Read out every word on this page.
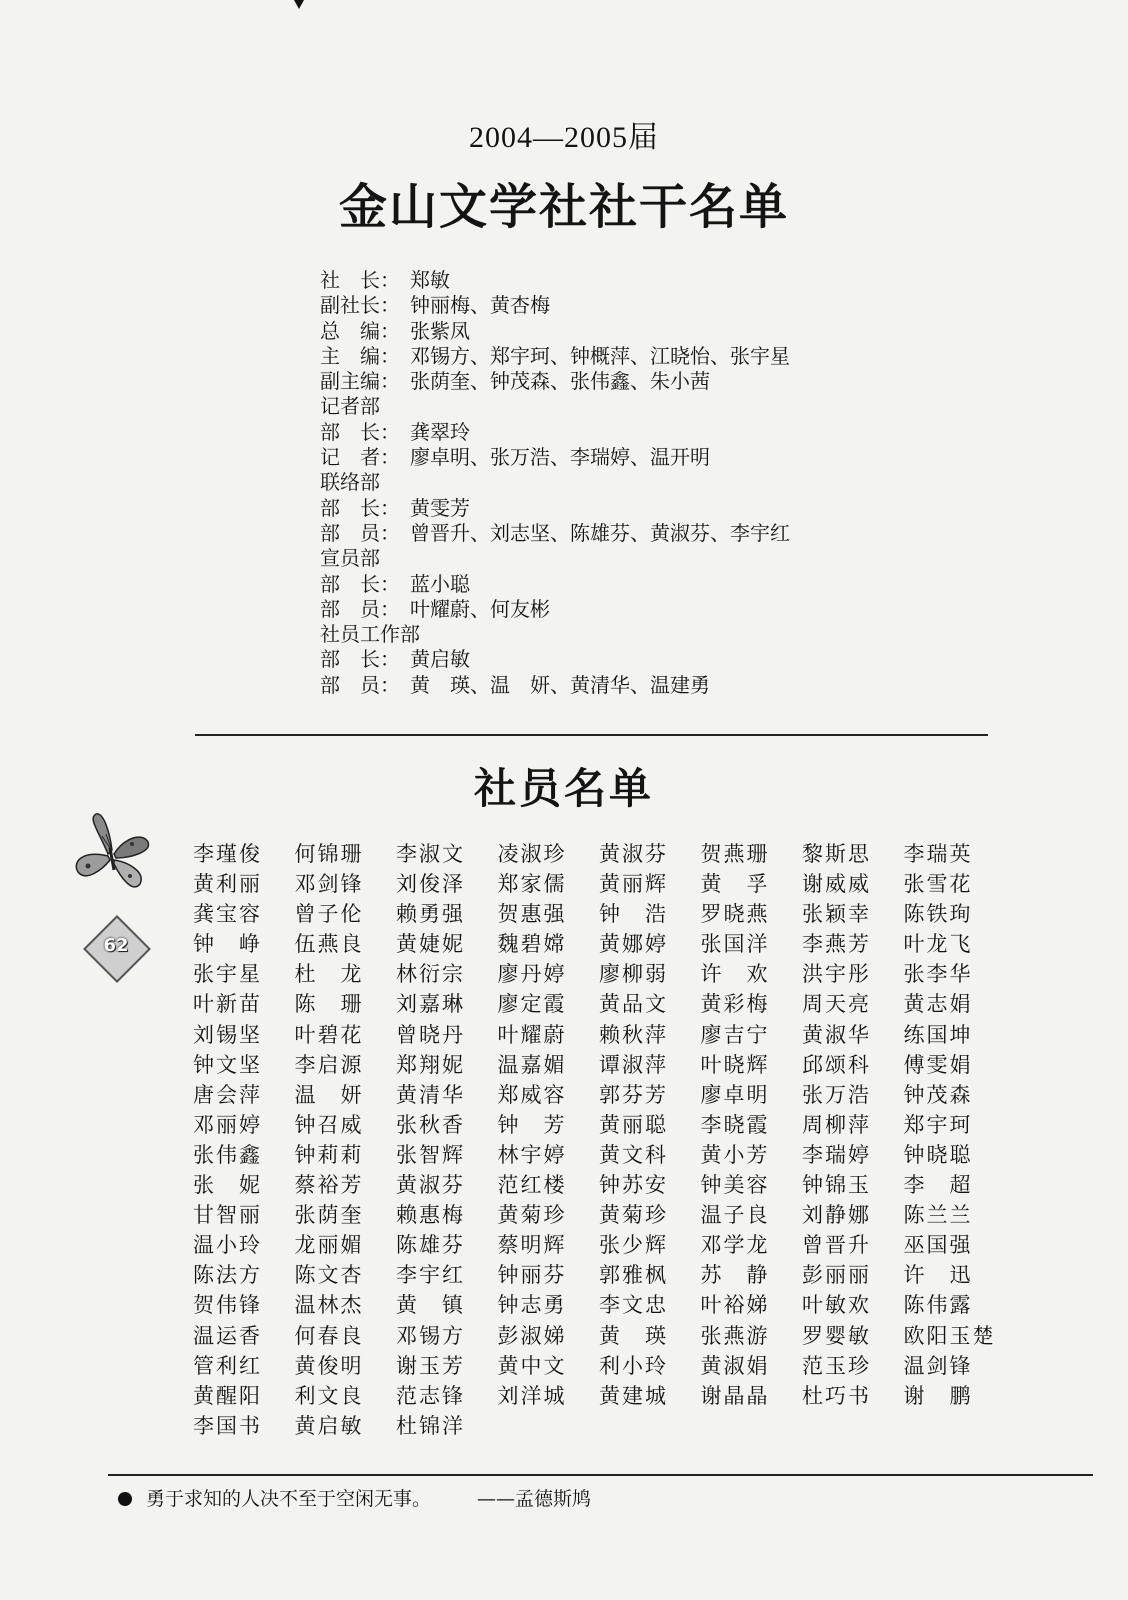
2004—2005届
金山文学社社干名单
社　长： 郑敏
副社长： 钟丽梅、黄杏梅
总　编： 张紫凤
主　编： 邓锡方、郑宇珂、钟概萍、江晓怡、张宇星
副主编： 张荫奎、钟茂森、张伟鑫、朱小茜
记者部
部　长： 龚翠玲
记　者： 廖卓明、张万浩、李瑞婷、温开明
联络部
部　长： 黄雯芳
部　员： 曾晋升、刘志坚、陈雄芬、黄淑芬、李宇红
宣员部
部　长： 蓝小聪
部　员： 叶耀蔚、何友彬
社员工作部
部　长： 黄启敏
部　员： 黄　瑛、温　妍、黄清华、温建勇
社员名单
62
李瑾俊	何锦珊	李淑文	凌淑珍	黄淑芬	贺燕珊	黎斯思	李瑞英
黄利丽	邓剑锋	刘俊泽	郑家儒	黄丽辉	黄　孚	谢威威	张雪花
龚宝容	曾子伦	赖勇强	贺惠强	钟　浩	罗晓燕	张颖幸	陈铁珣
钟　峥	伍燕良	黄婕妮	魏碧嫦	黄娜婷	张国洋	李燕芳	叶龙飞
张宇星	杜　龙	林衍宗	廖丹婷	廖柳弱	许　欢	洪宇彤	张李华
叶新苗	陈　珊	刘嘉琳	廖定霞	黄品文	黄彩梅	周天亮	黄志娟
刘锡坚	叶碧花	曾晓丹	叶耀蔚	赖秋萍	廖吉宁	黄淑华	练国坤
钟文坚	李启源	郑翔妮	温嘉媚	谭淑萍	叶晓辉	邱颂科	傅雯娟
唐会萍	温　妍	黄清华	郑威容	郭芬芳	廖卓明	张万浩	钟茂森
邓丽婷	钟召威	张秋香	钟　芳	黄丽聪	李晓霞	周柳萍	郑宇珂
张伟鑫	钟莉莉	张智辉	林宇婷	黄文科	黄小芳	李瑞婷	钟晓聪
张　妮	蔡裕芳	黄淑芬	范红楼	钟苏安	钟美容	钟锦玉	李　超
甘智丽	张荫奎	赖惠梅	黄菊珍	黄菊珍	温子良	刘静娜	陈兰兰
温小玲	龙丽媚	陈雄芬	蔡明辉	张少辉	邓学龙	曾晋升	巫国强
陈法方	陈文杏	李宇红	钟丽芬	郭雅枫	苏　静	彭丽丽	许　迅
贺伟锋	温林杰	黄　镇	钟志勇	李文忠	叶裕娣	叶敏欢	陈伟露
温运香	何春良	邓锡方	彭淑娣	黄　瑛	张燕游	罗婴敏	欧阳玉楚
管利红	黄俊明	谢玉芳	黄中文	利小玲	黄淑娟	范玉珍	温剑锋
黄醒阳	利文良	范志锋	刘洋城	黄建城	谢晶晶	杜巧书	谢　鹏
李国书	黄启敏	杜锦洋
勇于求知的人决不至于空闲无事。 ——孟德斯鸠
